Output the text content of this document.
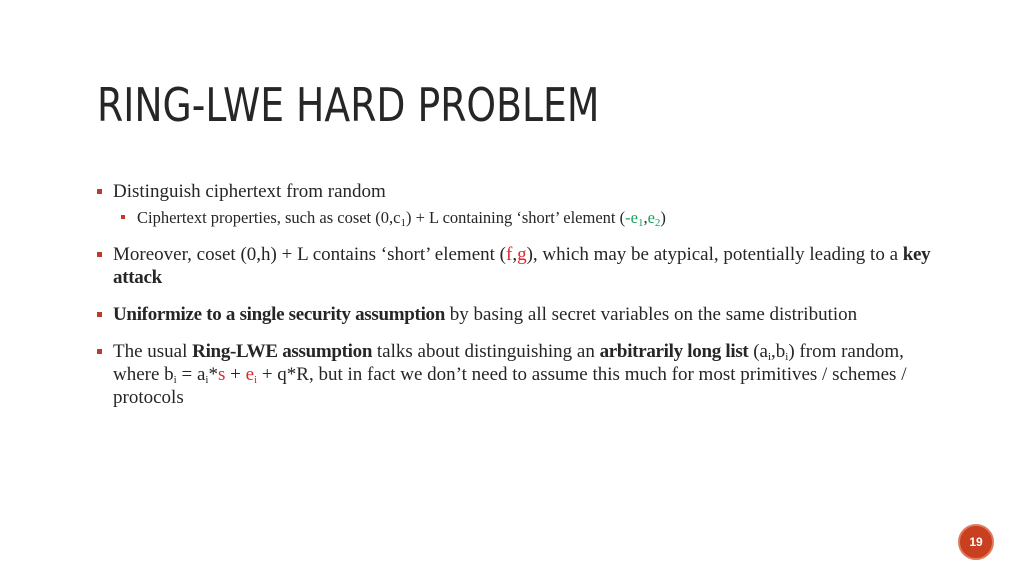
RING-LWE HARD PROBLEM
Distinguish ciphertext from random
Ciphertext properties, such as coset $(0,c_1) + L$ containing ‘short’ element $(-e_1,e_2)$
Moreover, coset (0,h) + L contains ‘short’ element (f,g), which may be atypical, potentially leading to a key attack
Uniformize to a single security assumption by basing all secret variables on the same distribution
The usual Ring-LWE assumption talks about distinguishing an arbitrarily long list $(a_i,b_i)$ from random, where $b_i = a_i*s + e_i + q*R$, but in fact we don’t need to assume this much for most primitives / schemes / protocols
19
